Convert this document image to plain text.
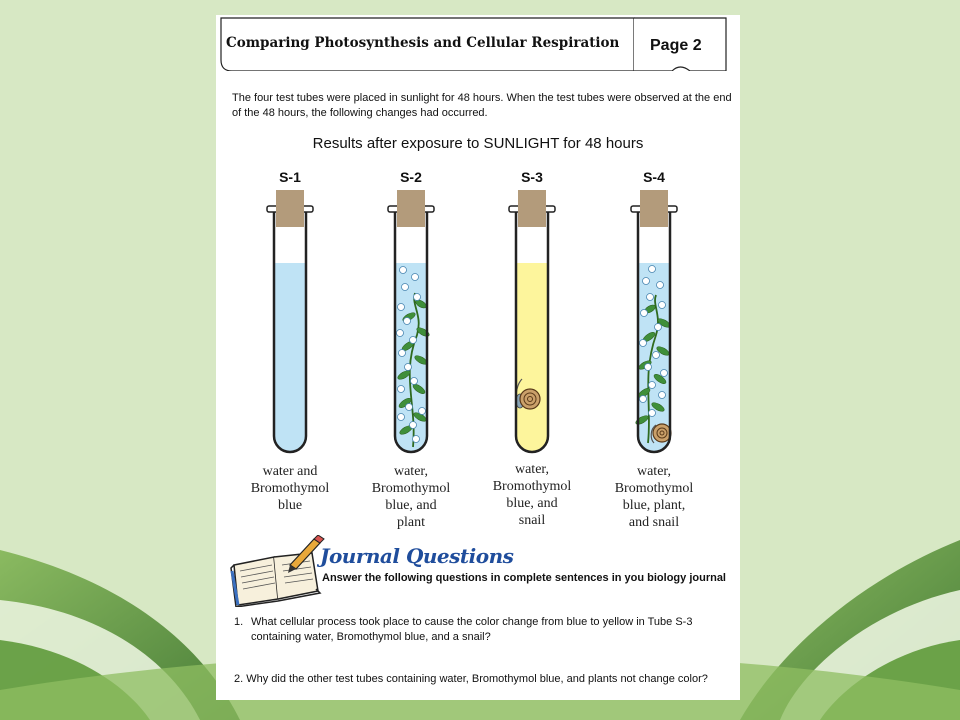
Comparing Photosynthesis and Cellular Respiration Page 2
The four test tubes were placed in sunlight for 48 hours. When the test tubes were observed at the end of the 48 hours, the following changes had occurred.
Results after exposure to SUNLIGHT for 48 hours
S-1	S-2	S-3	S-4
water and
Bromothymol
blue
water,
Bromothymol
blue, and
plant
water,
Bromothymol
blue, and
snail
water,
Bromothymol
blue, plant,
and snail
Journal Questions
Answer the following questions in complete sentences in you biology journal
1. What cellular process took place to cause the color change from blue to yellow in Tube S-3 containing water, Bromothymol blue, and a snail?
2. Why did the other test tubes containing water, Bromothymol blue, and plants not change color?
